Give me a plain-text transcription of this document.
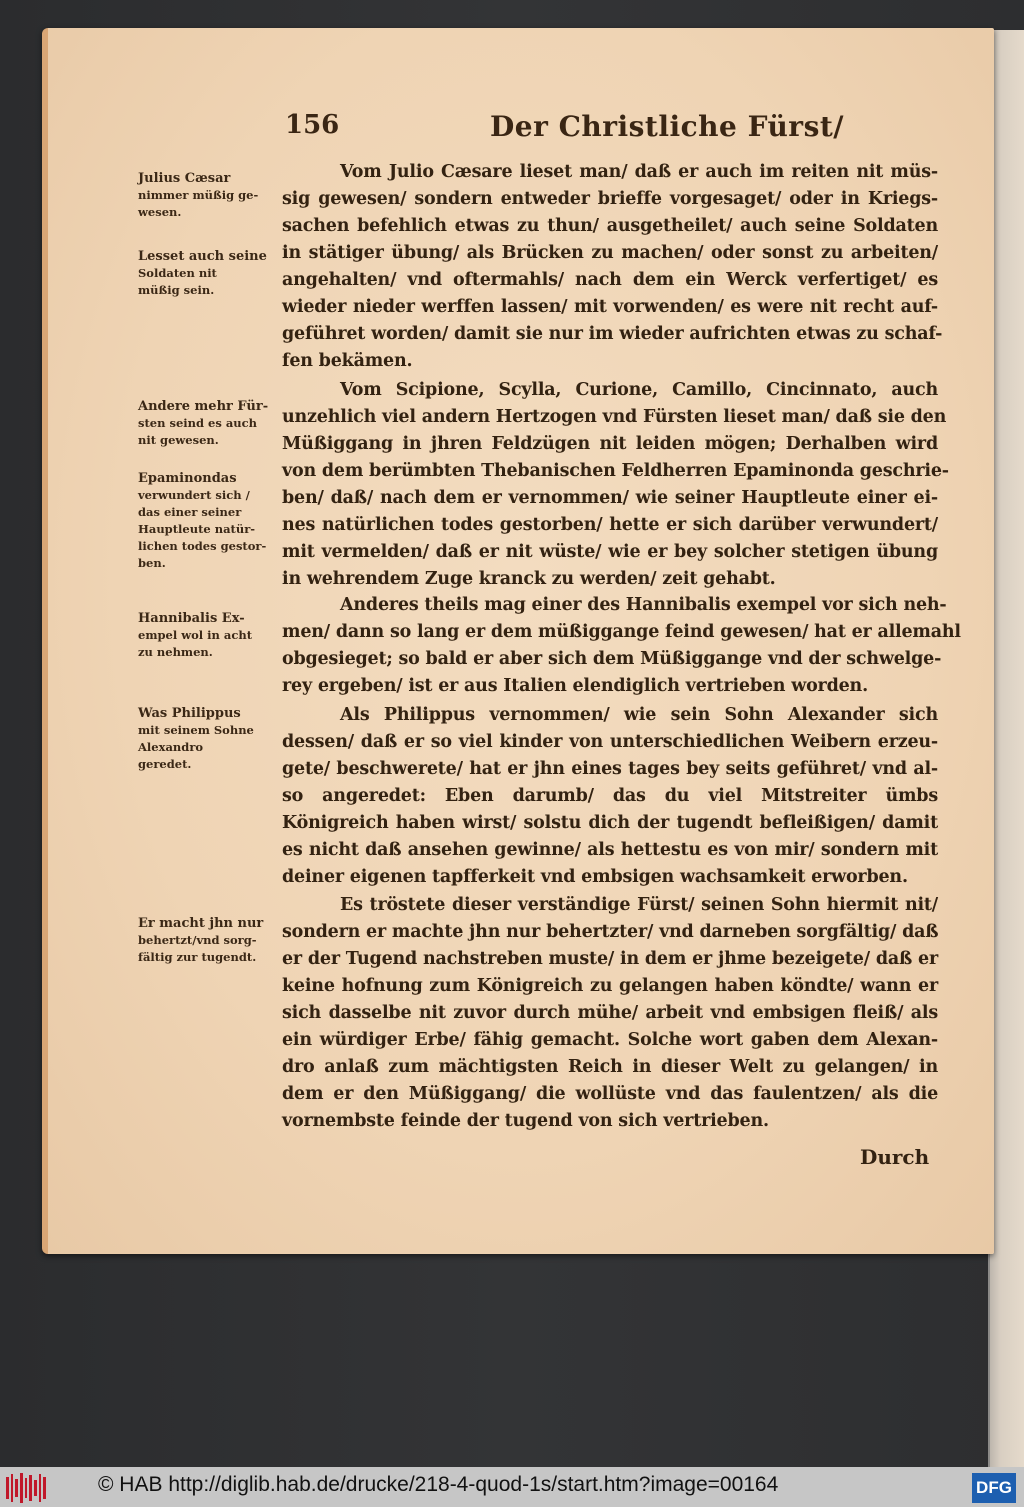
156	Der Christliche Fürst/
Julius Cæsar
nimmer müßig ge-
wesen.
Lesset auch seine
Soldaten nit
müßig sein.
Andere mehr Für-
sten seind es auch
nit gewesen.
Epaminondas
verwundert sich /
das einer seiner
Hauptleute natür-
lichen todes gestor-
ben.
Hannibalis Ex-
empel wol in acht
zu nehmen.
Was Philippus
mit seinem Sohne
Alexandro
geredet.
Er macht jhn nur
behertzt/vnd sorg-
fältig zur tugendt.
Vom Julio Cæsare lieset man/ daß er auch im reiten nit müs-
sig gewesen/ sondern entweder brieffe vorgesaget/ oder in Kriegs-
sachen befehlich etwas zu thun/ ausgetheilet/ auch seine Soldaten
in stätiger übung/ als Brücken zu machen/ oder sonst zu arbeiten/
angehalten/ vnd oftermahls/ nach dem ein Werck verfertiget/ es
wieder nieder werffen lassen/ mit vorwenden/ es were nit recht auf-
geführet worden/ damit sie nur im wieder aufrichten etwas zu schaf-
fen bekämen.
Vom Scipione, Scylla, Curione, Camillo, Cincinnato, auch
unzehlich viel andern Hertzogen vnd Fürsten lieset man/ daß sie den
Müßiggang in jhren Feldzügen nit leiden mögen; Derhalben wird
von dem berümbten Thebanischen Feldherren Epaminonda geschrie-
ben/ daß/ nach dem er vernommen/ wie seiner Hauptleute einer ei-
nes natürlichen todes gestorben/ hette er sich darüber verwundert/
mit vermelden/ daß er nit wüste/ wie er bey solcher stetigen übung
in wehrendem Zuge kranck zu werden/ zeit gehabt.
Anderes theils mag einer des Hannibalis exempel vor sich neh-
men/ dann so lang er dem müßiggange feind gewesen/ hat er allemahl
obgesieget; so bald er aber sich dem Müßiggange vnd der schwelge-
rey ergeben/ ist er aus Italien elendiglich vertrieben worden.
Als Philippus vernommen/ wie sein Sohn Alexander sich
dessen/ daß er so viel kinder von unterschiedlichen Weibern erzeu-
gete/ beschwerete/ hat er jhn eines tages bey seits geführet/ vnd al-
so angeredet: Eben darumb/ das du viel Mitstreiter ümbs
Königreich haben wirst/ solstu dich der tugendt befleißigen/ damit
es nicht daß ansehen gewinne/ als hettestu es von mir/ sondern mit
deiner eigenen tapfferkeit vnd embsigen wachsamkeit erworben.
Es tröstete dieser verständige Fürst/ seinen Sohn hiermit nit/
sondern er machte jhn nur behertzter/ vnd darneben sorgfältig/ daß
er der Tugend nachstreben muste/ in dem er jhme bezeigete/ daß er
keine hofnung zum Königreich zu gelangen haben köndte/ wann er
sich dasselbe nit zuvor durch mühe/ arbeit vnd embsigen fleiß/ als
ein würdiger Erbe/ fähig gemacht. Solche wort gaben dem Alexan-
dro anlaß zum mächtigsten Reich in dieser Welt zu gelangen/ in
dem er den Müßiggang/ die wollüste vnd das faulentzen/ als die
vornembste feinde der tugend von sich vertrieben.
Durch
© HAB http://diglib.hab.de/drucke/218-4-quod-1s/start.htm?image=00164	DFG
